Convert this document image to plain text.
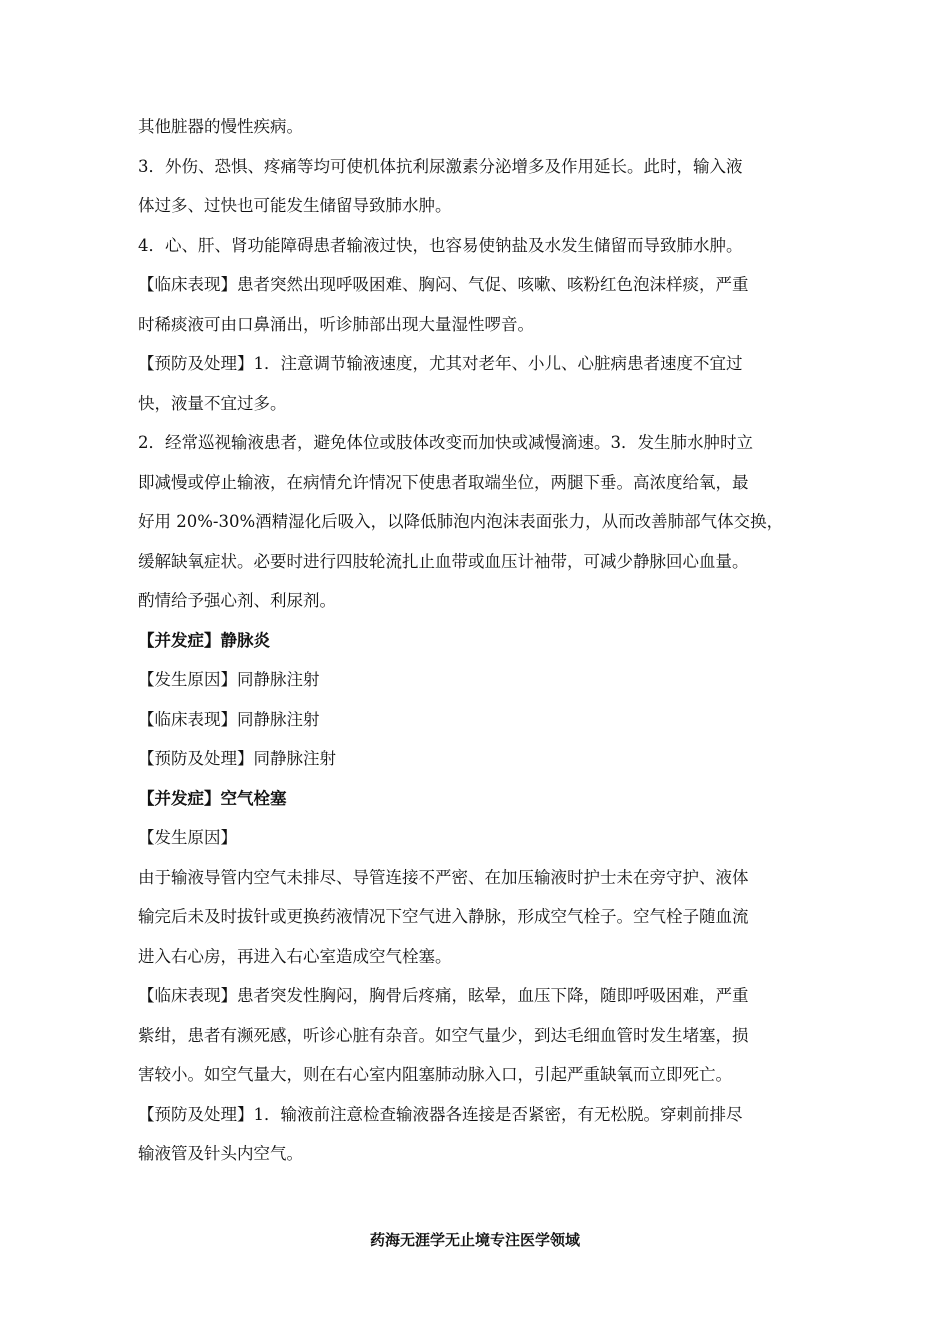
其他脏器的慢性疾病。

3．外伤、恐惧、疼痛等均可使机体抗利尿激素分泌增多及作用延长。此时，输入液

体过多、过快也可能发生储留导致肺水肿。

4．心、肝、肾功能障碍患者输液过快，也容易使钠盐及水发生储留而导致肺水肿。

【临床表现】患者突然出现呼吸困难、胸闷、气促、咳嗽、咳粉红色泡沫样痰，严重

时稀痰液可由口鼻涌出，听诊肺部出现大量湿性啰音。

【预防及处理】1．注意调节输液速度，尤其对老年、小儿、心脏病患者速度不宜过

快，液量不宜过多。

2．经常巡视输液患者，避免体位或肢体改变而加快或减慢滴速。3．发生肺水肿时立

即减慢或停止输液，在病情允许情况下使患者取端坐位，两腿下垂。高浓度给氧，最

好用 20%-30%酒精湿化后吸入，以降低肺泡内泡沫表面张力，从而改善肺部气体交换，

缓解缺氧症状。必要时进行四肢轮流扎止血带或血压计袖带，可减少静脉回心血量。

酌情给予强心剂、利尿剂。

【并发症】静脉炎

【发生原因】同静脉注射

【临床表现】同静脉注射

【预防及处理】同静脉注射

【并发症】空气栓塞

【发生原因】

由于输液导管内空气未排尽、导管连接不严密、在加压输液时护士未在旁守护、液体

输完后未及时拔针或更换药液情况下空气进入静脉，形成空气栓子。空气栓子随血流

进入右心房，再进入右心室造成空气栓塞。

【临床表现】患者突发性胸闷，胸骨后疼痛，眩晕，血压下降，随即呼吸困难，严重

紫绀，患者有濒死感，听诊心脏有杂音。如空气量少，到达毛细血管时发生堵塞，损

害较小。如空气量大，则在右心室内阻塞肺动脉入口，引起严重缺氧而立即死亡。

【预防及处理】1．输液前注意检查输液器各连接是否紧密，有无松脱。穿刺前排尽

输液管及针头内空气。

药海无涯学无止境专注医学领域
